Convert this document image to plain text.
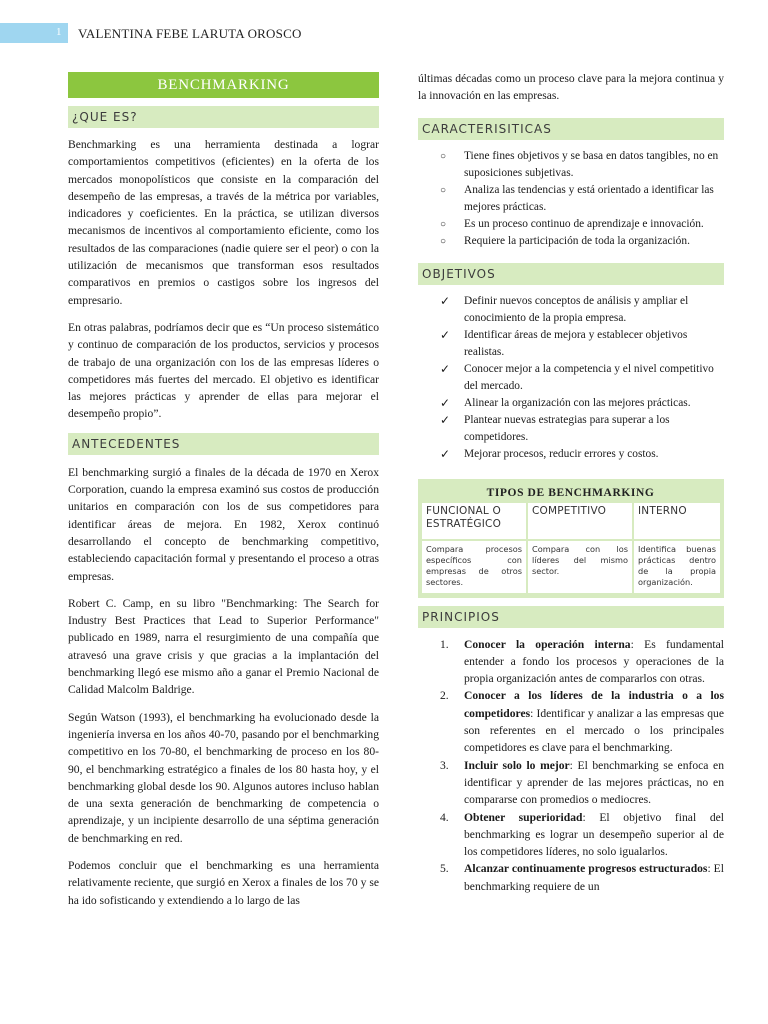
1 VALENTINA FEBE LARUTA OROSCO
BENCHMARKING
¿QUE ES?

Benchmarking es una herramienta destinada a lograr comportamientos competitivos (eficientes) en la oferta de los mercados monopolísticos que consiste en la comparación del desempeño de las empresas, a través de la métrica por variables, indicadores y coeficientes. En la práctica, se utilizan diversos mecanismos de incentivos al comportamiento eficiente, como los resultados de las comparaciones (nadie quiere ser el peor) o con la utilización de mecanismos que transforman esos resultados comparativos en premios o castigos sobre los ingresos del empresario.

En otras palabras, podríamos decir que es “Un proceso sistemático y continuo de comparación de los productos, servicios y procesos de trabajo de una organización con los de las empresas líderes o competidores más fuertes del mercado. El objetivo es identificar las mejores prácticas y aprender de ellas para mejorar el desempeño propio”.

ANTECEDENTES

El benchmarking surgió a finales de la década de 1970 en Xerox Corporation, cuando la empresa examinó sus costos de producción unitarios en comparación con los de sus competidores para identificar áreas de mejora. En 1982, Xerox continuó desarrollando el concepto de benchmarking competitivo, estableciendo capacitación formal y presentando el proceso a otras empresas.

Robert C. Camp, en su libro "Benchmarking: The Search for Industry Best Practices that Lead to Superior Performance" publicado en 1989, narra el resurgimiento de una compañía que atravesó una grave crisis y que gracias a la implantación del benchmarking llegó ese mismo año a ganar el Premio Nacional de Calidad Malcolm Baldrige.

Según Watson (1993), el benchmarking ha evolucionado desde la ingeniería inversa en los años 40-70, pasando por el benchmarking competitivo en los 70-80, el benchmarking de proceso en los 80-90, el benchmarking estratégico a finales de los 80 hasta hoy, y el benchmarking global desde los 90. Algunos autores incluso hablan de una sexta generación de benchmarking de competencia o aprendizaje, y un incipiente desarrollo de una séptima generación de benchmarking en red.

Podemos concluir que el benchmarking es una herramienta relativamente reciente, que surgió en Xerox a finales de los 70 y se ha ido sofisticando y extendiendo a lo largo de las

últimas décadas como un proceso clave para la mejora continua y la innovación en las empresas.

CARACTERISITICAS
○ Tiene fines objetivos y se basa en datos tangibles, no en suposiciones subjetivas.
○ Analiza las tendencias y está orientado a identificar las mejores prácticas.
○ Es un proceso continuo de aprendizaje e innovación.
○ Requiere la participación de toda la organización.
OBJETIVOS
✓ Definir nuevos conceptos de análisis y ampliar el conocimiento de la propia empresa.
✓ Identificar áreas de mejora y establecer objetivos realistas.
✓ Conocer mejor a la competencia y el nivel competitivo del mercado.
✓ Alinear la organización con las mejores prácticas.
✓ Plantear nuevas estrategias para superar a los competidores.
✓ Mejorar procesos, reducir errores y costos.
TIPOS DE BENCHMARKING
FUNCIONAL O ESTRATÉGICO
COMPETITIVO	INTERNO
Compara procesos específicos con empresas de otros sectores.
Compara con los líderes del mismo sector.
Identifica buenas prácticas dentro de la propia organización.
PRINCIPIOS
1. Conocer la operación interna: Es fundamental entender a fondo los procesos y operaciones de la propia organización antes de compararlos con otras.
2. Conocer a los líderes de la industria o a los competidores: Identificar y analizar a las empresas que son referentes en el mercado o los principales competidores es clave para el benchmarking.
3. Incluir solo lo mejor: El benchmarking se enfoca en identificar y aprender de las mejores prácticas, no en compararse con promedios o mediocres.
4. Obtener superioridad: El objetivo final del benchmarking es lograr un desempeño superior al de los competidores líderes, no solo igualarlos.
5. Alcanzar continuamente progresos estructurados: El benchmarking requiere de un
